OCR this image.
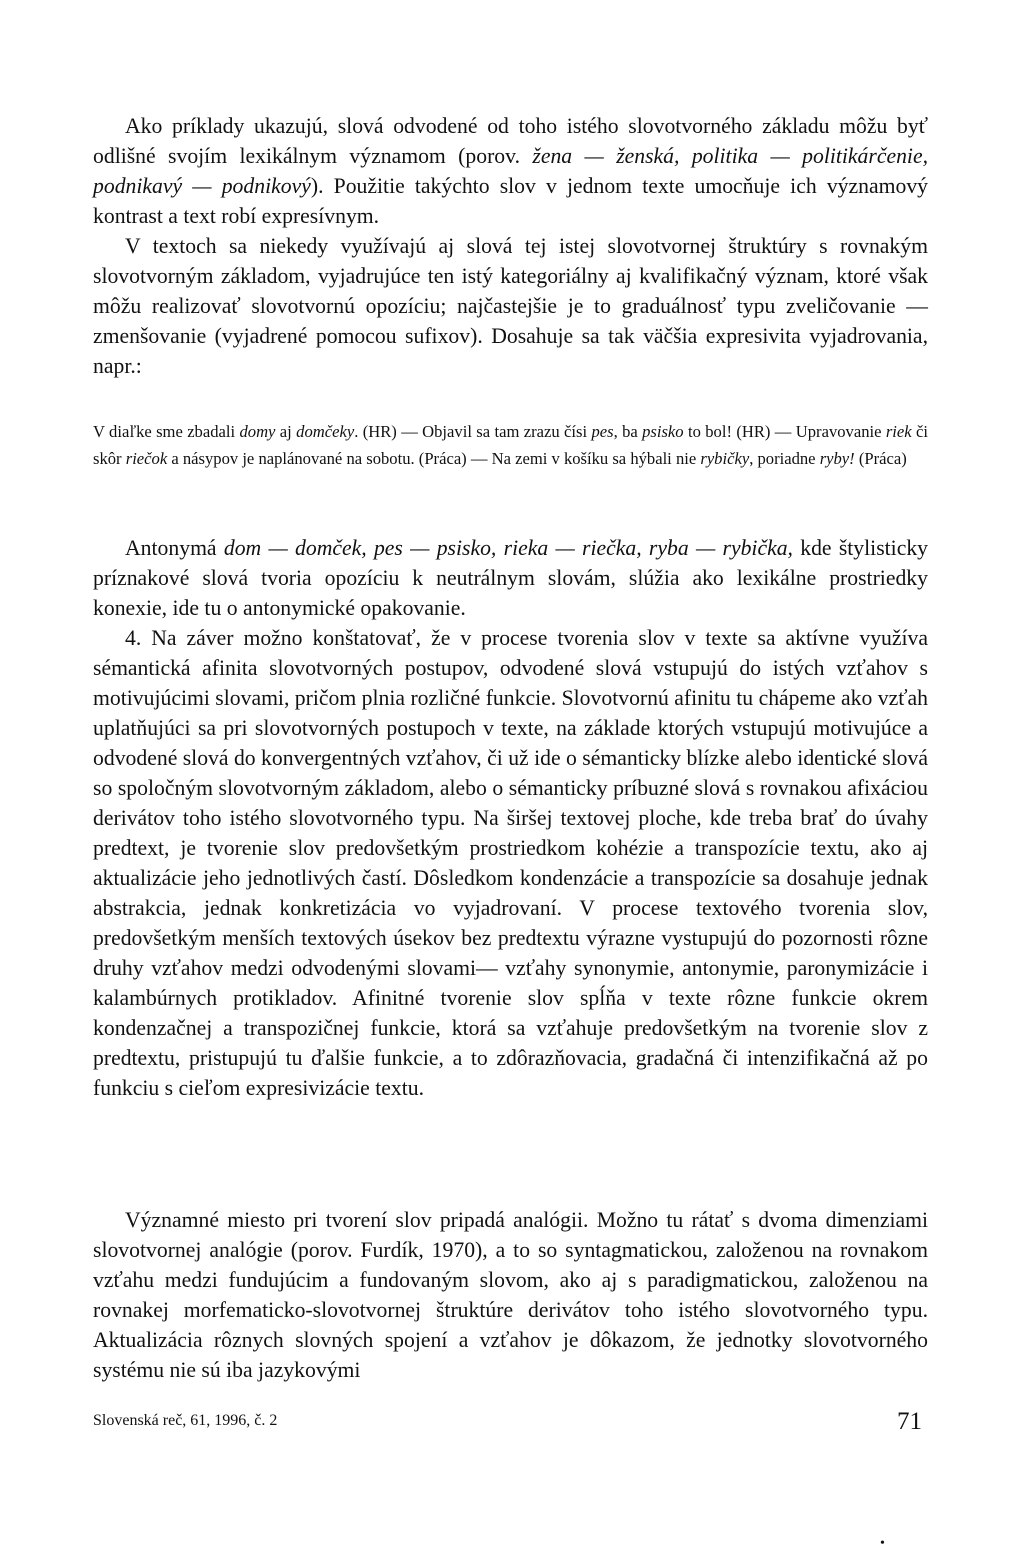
Ako príklady ukazujú, slová odvodené od toho istého slovotvorného základu môžu byť odlišné svojím lexikálnym významom (porov. žena — ženská, politika — politikárčenie, podnikavý — podnikový). Použitie takýchto slov v jednom texte umocňuje ich významový kontrast a text robí expresívnym.

V textoch sa niekedy využívajú aj slová tej istej slovotvornej štruktúry s rovnakým slovotvorným základom, vyjadrujúce ten istý kategoriálny aj kvalifikačný význam, ktoré však môžu realizovať slovotvornú opozíciu; najčastejšie je to graduálnosť typu zveličovanie — zmenšovanie (vyjadrené pomocou sufixov). Dosahuje sa tak väčšia expresivita vyjadrovania, napr.:

V diaľke sme zbadali domy aj domčeky. (HR) — Objavil sa tam zrazu čísi pes, ba psisko to bol! (HR) — Upravovanie riek či skôr riečok a násypov je naplánované na sobotu. (Práca) — Na zemi v košíku sa hýbali nie rybičky, poriadne ryby! (Práca)

Antonymá dom — domček, pes — psisko, rieka — riečka, ryba — rybička, kde štylisticky príznakové slová tvoria opozíciu k neutrálnym slovám, slúžia ako lexikálne prostriedky konexie, ide tu o antonymické opakovanie.

4. Na záver možno konštatovať, že v procese tvorenia slov v texte sa aktívne využíva sémantická afinita slovotvorných postupov, odvodené slová vstupujú do istých vzťahov s motivujúcimi slovami, pričom plnia rozličné funkcie. Slovotvornú afinitu tu chápeme ako vzťah uplatňujúci sa pri slovotvorných postupoch v texte, na základe ktorých vstupujú motivujúce a odvodené slová do konvergentných vzťahov, či už ide o sémanticky blízke alebo identické slová so spoločným slovotvorným základom, alebo o sémanticky príbuzné slová s rovnakou afixáciou derivátov toho istého slovotvorného typu. Na širšej textovej ploche, kde treba brať do úvahy predtext, je tvorenie slov predovšetkým prostriedkom kohézie a transpozície textu, ako aj aktualizácie jeho jednotlivých častí. Dôsledkom kondenzácie a transpozície sa dosahuje jednak abstrakcia, jednak konkretizácia vo vyjadrovaní. V procese textového tvorenia slov, predovšetkým menších textových úsekov bez predtextu výrazne vystupujú do pozornosti rôzne druhy vzťahov medzi odvodenými slovami— vzťahy synonymie, antonymie, paronymizácie i kalambúrnych protikladov. Afinitné tvorenie slov spĺňa v texte rôzne funkcie okrem kondenzačnej a transpozičnej funkcie, ktorá sa vzťahuje predovšetkým na tvorenie slov z predtextu, pristupujú tu ďalšie funkcie, a to zdôrazňovacia, gradačná či intenzifikačná až po funkciu s cieľom expresivizácie textu.

Významné miesto pri tvorení slov pripadá analógii. Možno tu rátať s dvoma dimenziami slovotvornej analógie (porov. Furdík, 1970), a to so syntagmatickou, založenou na rovnakom vzťahu medzi fundujúcim a fundovaným slovom, ako aj s paradigmatickou, založenou na rovnakej morfematicko-slovotvornej štruktúre derivátov toho istého slovotvorného typu. Aktualizácia rôznych slovných spojení a vzťahov je dôkazom, že jednotky slovotvorného systému nie sú iba jazykovými

Slovenská reč, 61, 1996, č. 2	71
•
